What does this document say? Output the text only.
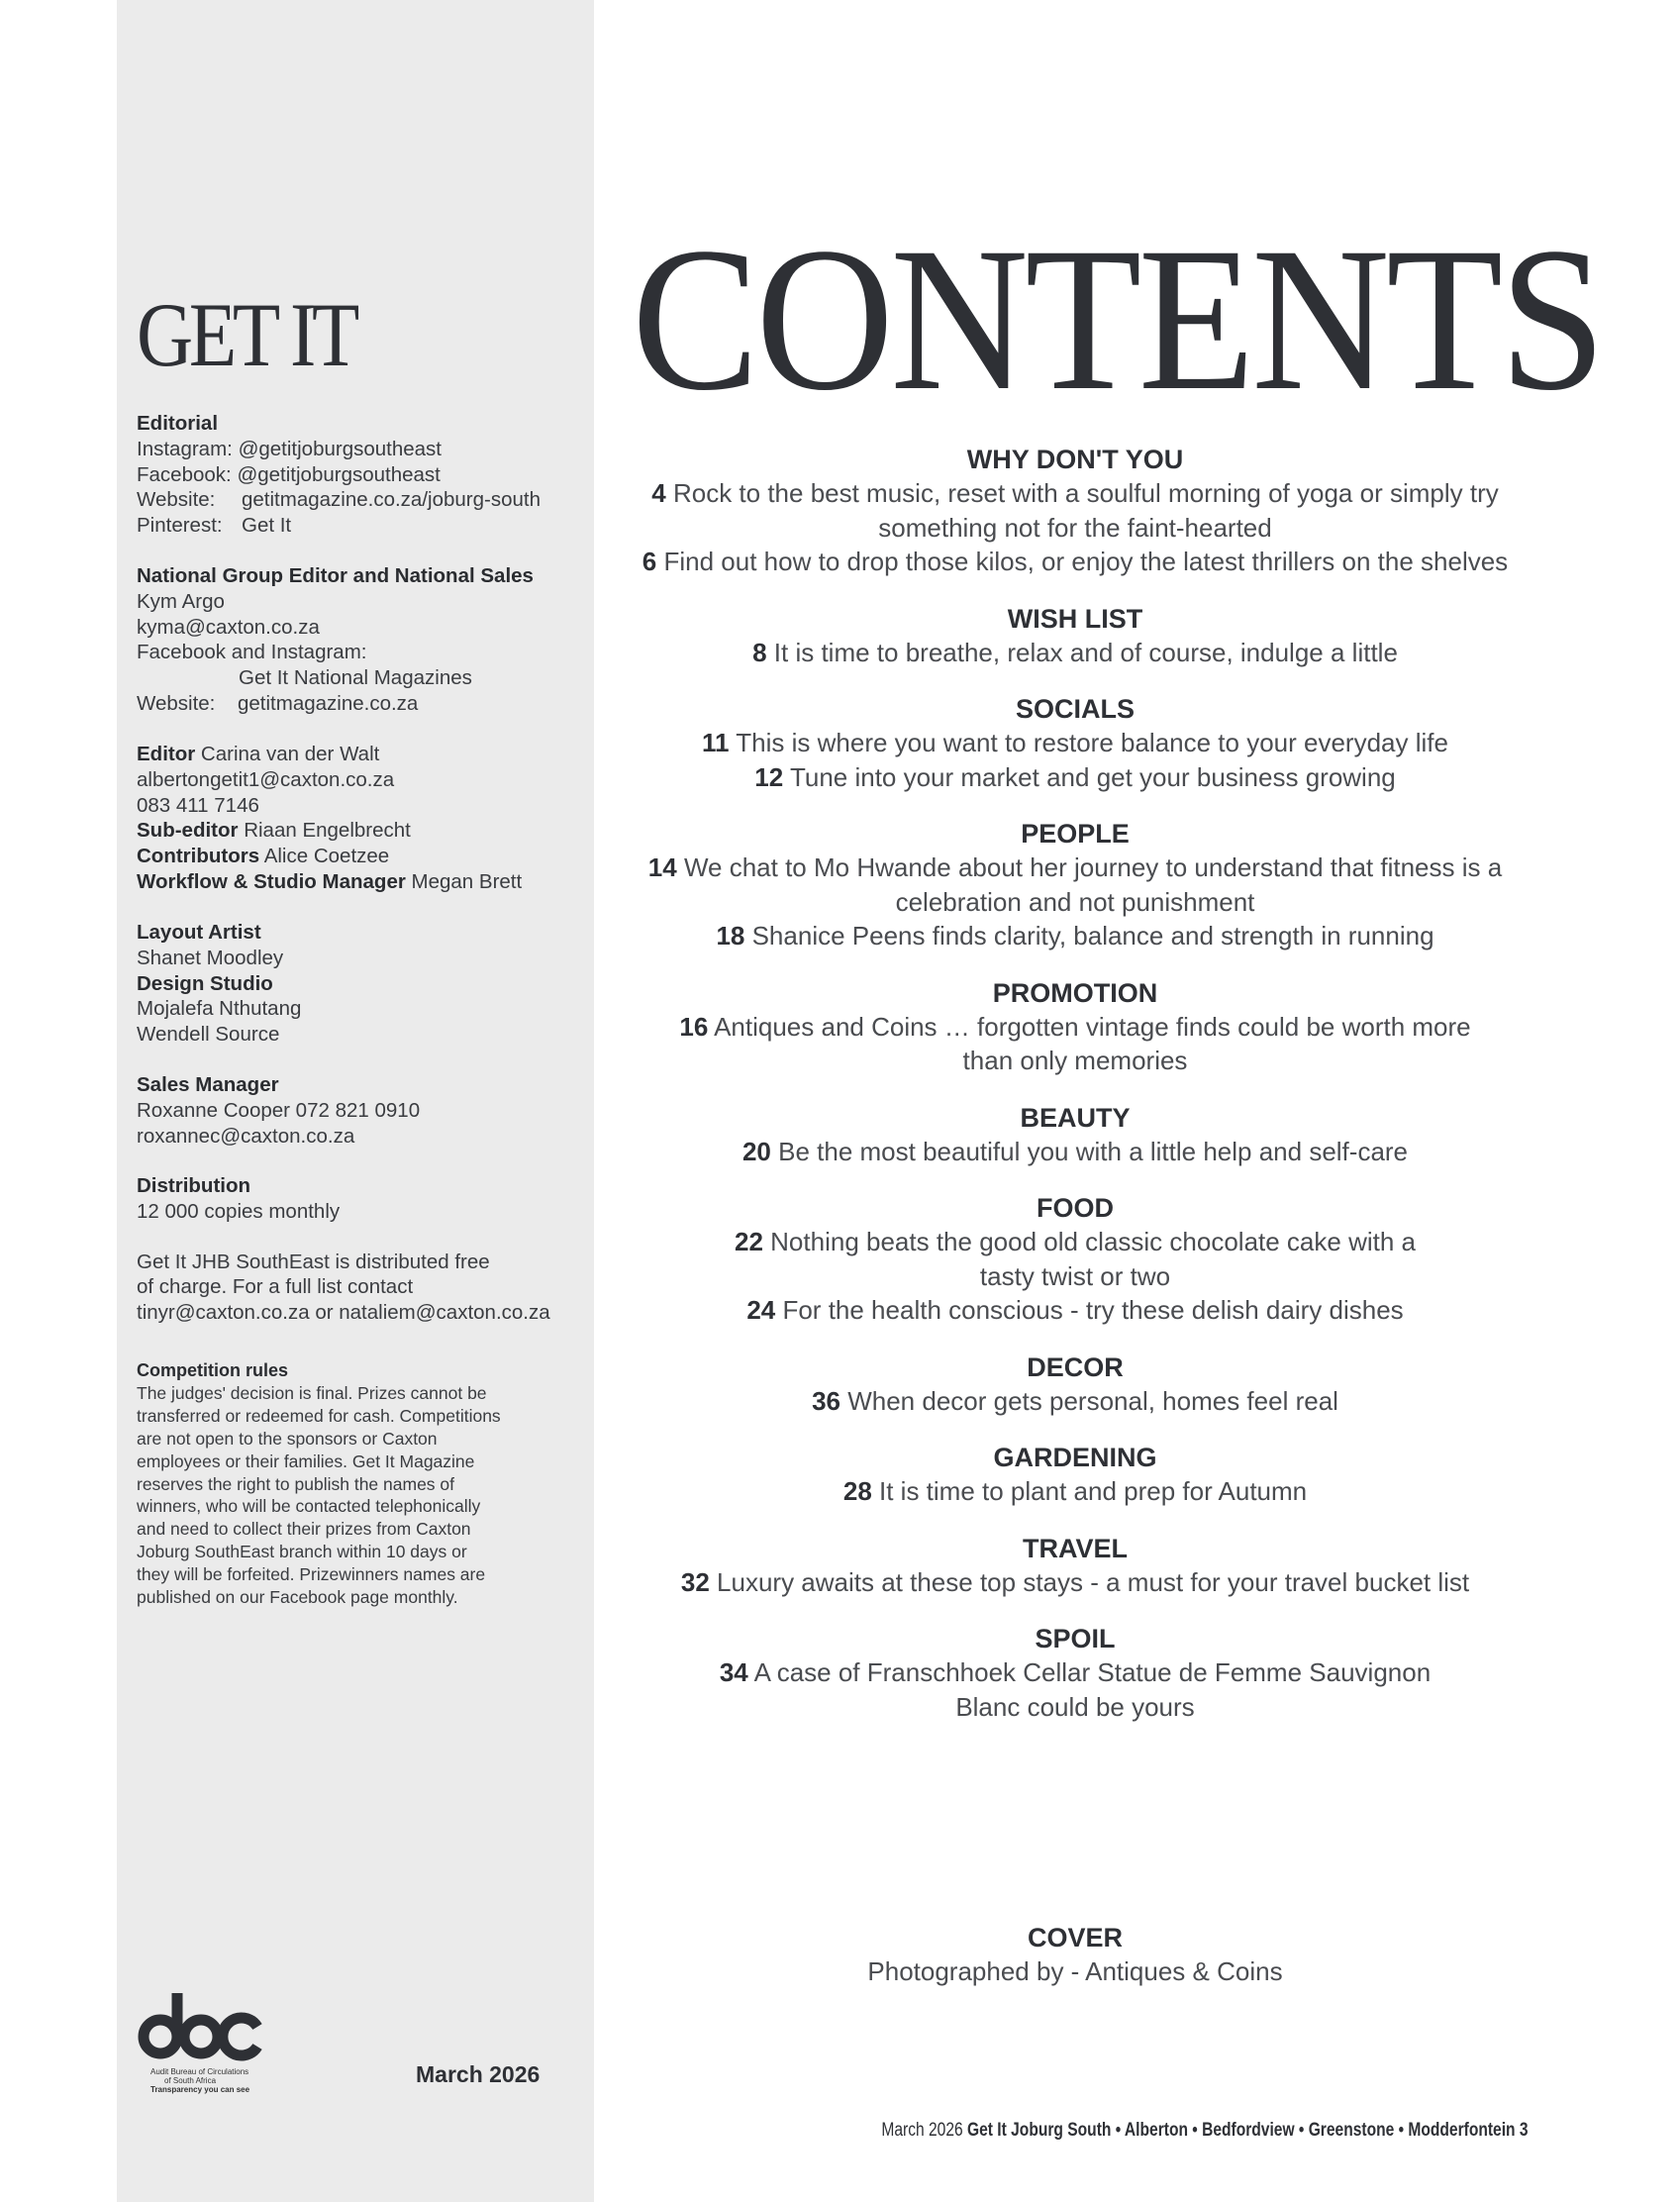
GET IT
Editorial
Instagram: @getitjoburgsoutheast
Facebook: @getitjoburgsoutheast
Website: getitmagazine.co.za/joburg-south
Pinterest: Get It
National Group Editor and National Sales
Kym Argo
kyma@caxton.co.za
Facebook and Instagram:
Get It National Magazines
Website: getitmagazine.co.za
Editor Carina van der Walt
albertongetit1@caxton.co.za
083 411 7146
Sub-editor Riaan Engelbrecht
Contributors Alice Coetzee
Workflow & Studio Manager Megan Brett
Layout Artist
Shanet Moodley
Design Studio
Mojalefa Nthutang
Wendell Source
Sales Manager
Roxanne Cooper 072 821 0910
roxannec@caxton.co.za
Distribution
12 000 copies monthly
Get It JHB SouthEast is distributed free
of charge. For a full list contact
tinyr@caxton.co.za or nataliem@caxton.co.za
Competition rules
The judges' decision is final. Prizes cannot be
transferred or redeemed for cash. Competitions
are not open to the sponsors or Caxton
employees or their families. Get It Magazine
reserves the right to publish the names of
winners, who will be contacted telephonically
and need to collect their prizes from Caxton
Joburg SouthEast branch within 10 days or
they will be forfeited. Prizewinners names are
published on our Facebook page monthly.
Audit Bureau of Circulations
of South Africa
Transparency you can see
March 2026
CONTENTS
WHY DON'T YOU
4 Rock to the best music, reset with a soulful morning of yoga or simply try
something not for the faint-hearted
6 Find out how to drop those kilos, or enjoy the latest thrillers on the shelves
WISH LIST
8 It is time to breathe, relax and of course, indulge a little
SOCIALS
11 This is where you want to restore balance to your everyday life
12 Tune into your market and get your business growing
PEOPLE
14 We chat to Mo Hwande about her journey to understand that fitness is a
celebration and not punishment
18 Shanice Peens finds clarity, balance and strength in running
PROMOTION
16 Antiques and Coins … forgotten vintage finds could be worth more
than only memories
BEAUTY
20 Be the most beautiful you with a little help and self-care
FOOD
22 Nothing beats the good old classic chocolate cake with a
tasty twist or two
24 For the health conscious - try these delish dairy dishes
DECOR
36 When decor gets personal, homes feel real
GARDENING
28 It is time to plant and prep for Autumn
TRAVEL
32 Luxury awaits at these top stays - a must for your travel bucket list
SPOIL
34 A case of Franschhoek Cellar Statue de Femme Sauvignon
Blanc could be yours
COVER
Photographed by - Antiques & Coins
March 2026 Get It Joburg South • Alberton • Bedfordview • Greenstone • Modderfontein 3
